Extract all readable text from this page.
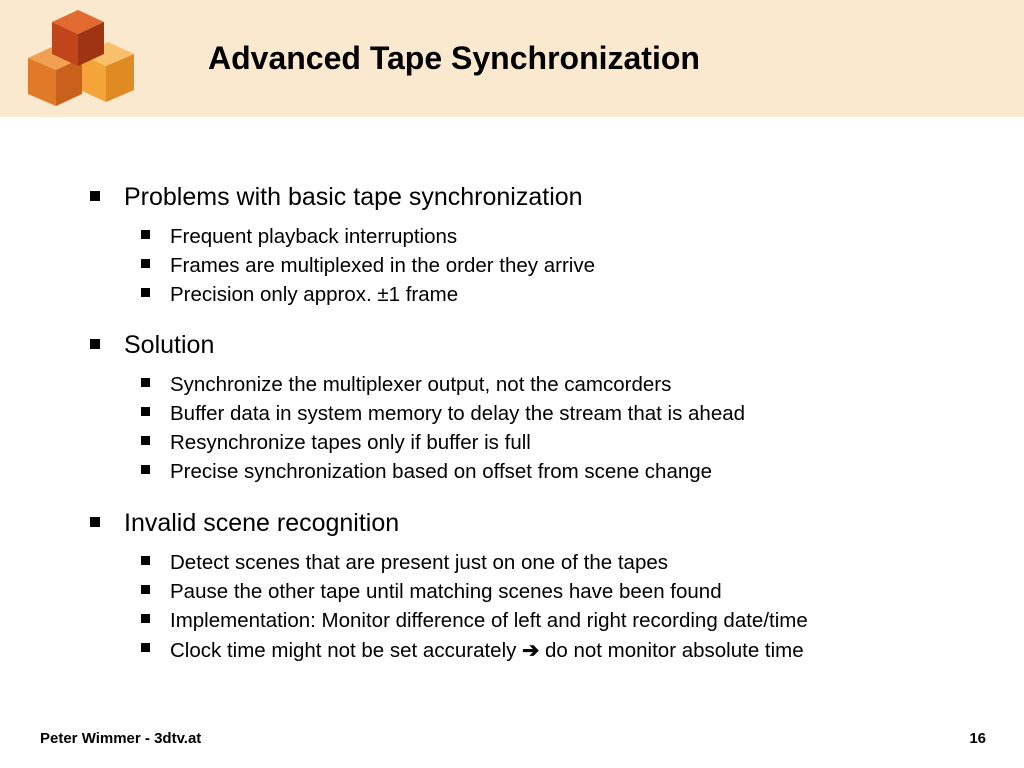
Advanced Tape Synchronization
Problems with basic tape synchronization
Frequent playback interruptions
Frames are multiplexed in the order they arrive
Precision only approx. ±1 frame
Solution
Synchronize the multiplexer output, not the camcorders
Buffer data in system memory to delay the stream that is ahead
Resynchronize tapes only if buffer is full
Precise synchronization based on offset from scene change
Invalid scene recognition
Detect scenes that are present just on one of the tapes
Pause the other tape until matching scenes have been found
Implementation: Monitor difference of left and right recording date/time
Clock time might not be set accurately ➔ do not monitor absolute time
Peter Wimmer - 3dtv.at	16
